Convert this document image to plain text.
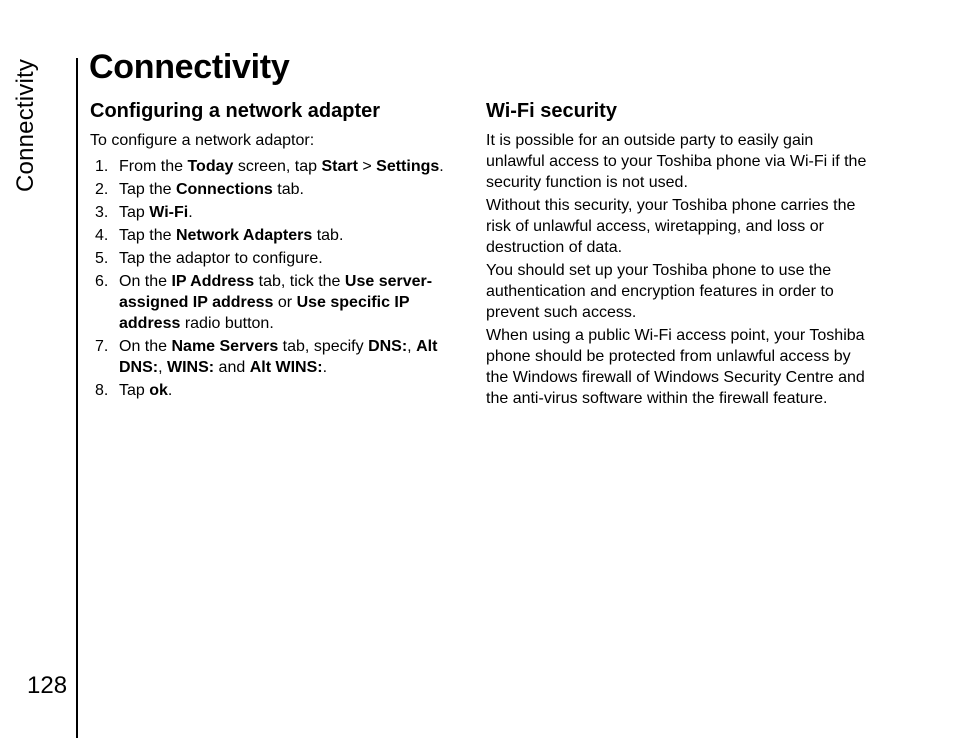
Connectivity
128
Connectivity
Configuring a network adapter

To configure a network adaptor:

1. From the Today screen, tap Start > Settings.
2. Tap the Connections tab.
3. Tap Wi-Fi.
4. Tap the Network Adapters tab.
5. Tap the adaptor to configure.
6. On the IP Address tab, tick the Use server-assigned IP address or Use specific IP address radio button.
7. On the Name Servers tab, specify DNS:, Alt DNS:, WINS: and Alt WINS:.
8. Tap ok.
Wi-Fi security

It is possible for an outside party to easily gain unlawful access to your Toshiba phone via Wi-Fi if the security function is not used.

Without this security, your Toshiba phone carries the risk of unlawful access, wiretapping, and loss or destruction of data.

You should set up your Toshiba phone to use the authentication and encryption features in order to prevent such access.

When using a public Wi-Fi access point, your Toshiba phone should be protected from unlawful access by the Windows firewall of Windows Security Centre and the anti-virus software within the firewall feature.
